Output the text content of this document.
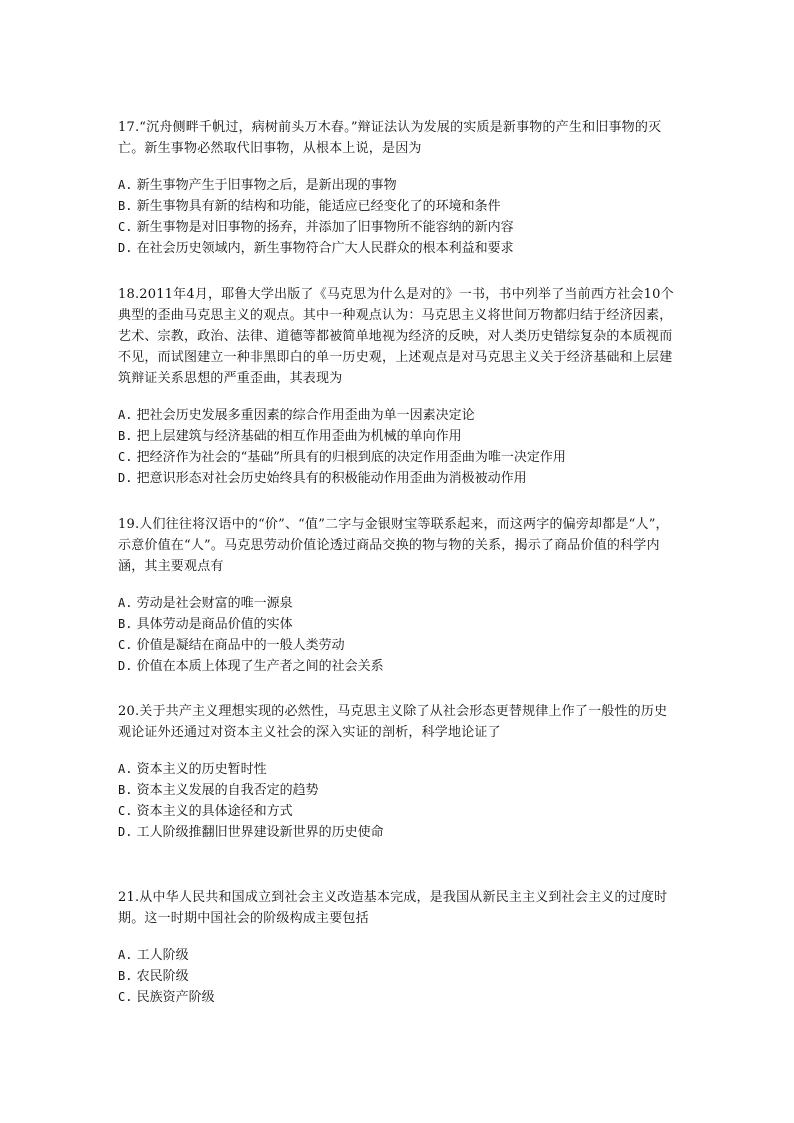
17.“沉舟侧畔千帆过，病树前头万木春。”辩证法认为发展的实质是新事物的产生和旧事物的灭亡。新生事物必然取代旧事物，从根本上说，是因为

A. 新生事物产生于旧事物之后，是新出现的事物
B. 新生事物具有新的结构和功能，能适应已经变化了的环境和条件
C. 新生事物是对旧事物的扬弃，并添加了旧事物所不能容纳的新内容
D. 在社会历史领域内，新生事物符合广大人民群众的根本利益和要求

18.2011年4月，耶鲁大学出版了《马克思为什么是对的》一书，书中列举了当前西方社会10个典型的歪曲马克思主义的观点。其中一种观点认为：马克思主义将世间万物都归结于经济因素，艺术、宗教，政治、法律、道德等都被简单地视为经济的反映，对人类历史错综复杂的本质视而不见，而试图建立一种非黑即白的单一历史观，上述观点是对马克思主义关于经济基础和上层建筑辩证关系思想的严重歪曲，其表现为

A. 把社会历史发展多重因素的综合作用歪曲为单一因素决定论
B. 把上层建筑与经济基础的相互作用歪曲为机械的单向作用
C. 把经济作为社会的“基础”所具有的归根到底的决定作用歪曲为唯一决定作用
D. 把意识形态对社会历史始终具有的积极能动作用歪曲为消极被动作用

19.人们往往将汉语中的“价”、“值”二字与金银财宝等联系起来，而这两字的偏旁却都是“人”，示意价值在“人”。马克思劳动价值论透过商品交换的物与物的关系，揭示了商品价值的科学内涵，其主要观点有

A. 劳动是社会财富的唯一源泉
B. 具体劳动是商品价值的实体
C. 价值是凝结在商品中的一般人类劳动
D. 价值在本质上体现了生产者之间的社会关系

20.关于共产主义理想实现的必然性，马克思主义除了从社会形态更替规律上作了一般性的历史观论证外还通过对资本主义社会的深入实证的剖析，科学地论证了

A. 资本主义的历史暂时性
B. 资本主义发展的自我否定的趋势
C. 资本主义的具体途径和方式
D. 工人阶级推翻旧世界建设新世界的历史使命

21.从中华人民共和国成立到社会主义改造基本完成，是我国从新民主主义到社会主义的过度时期。这一时期中国社会的阶级构成主要包括

A. 工人阶级
B. 农民阶级
C. 民族资产阶级
